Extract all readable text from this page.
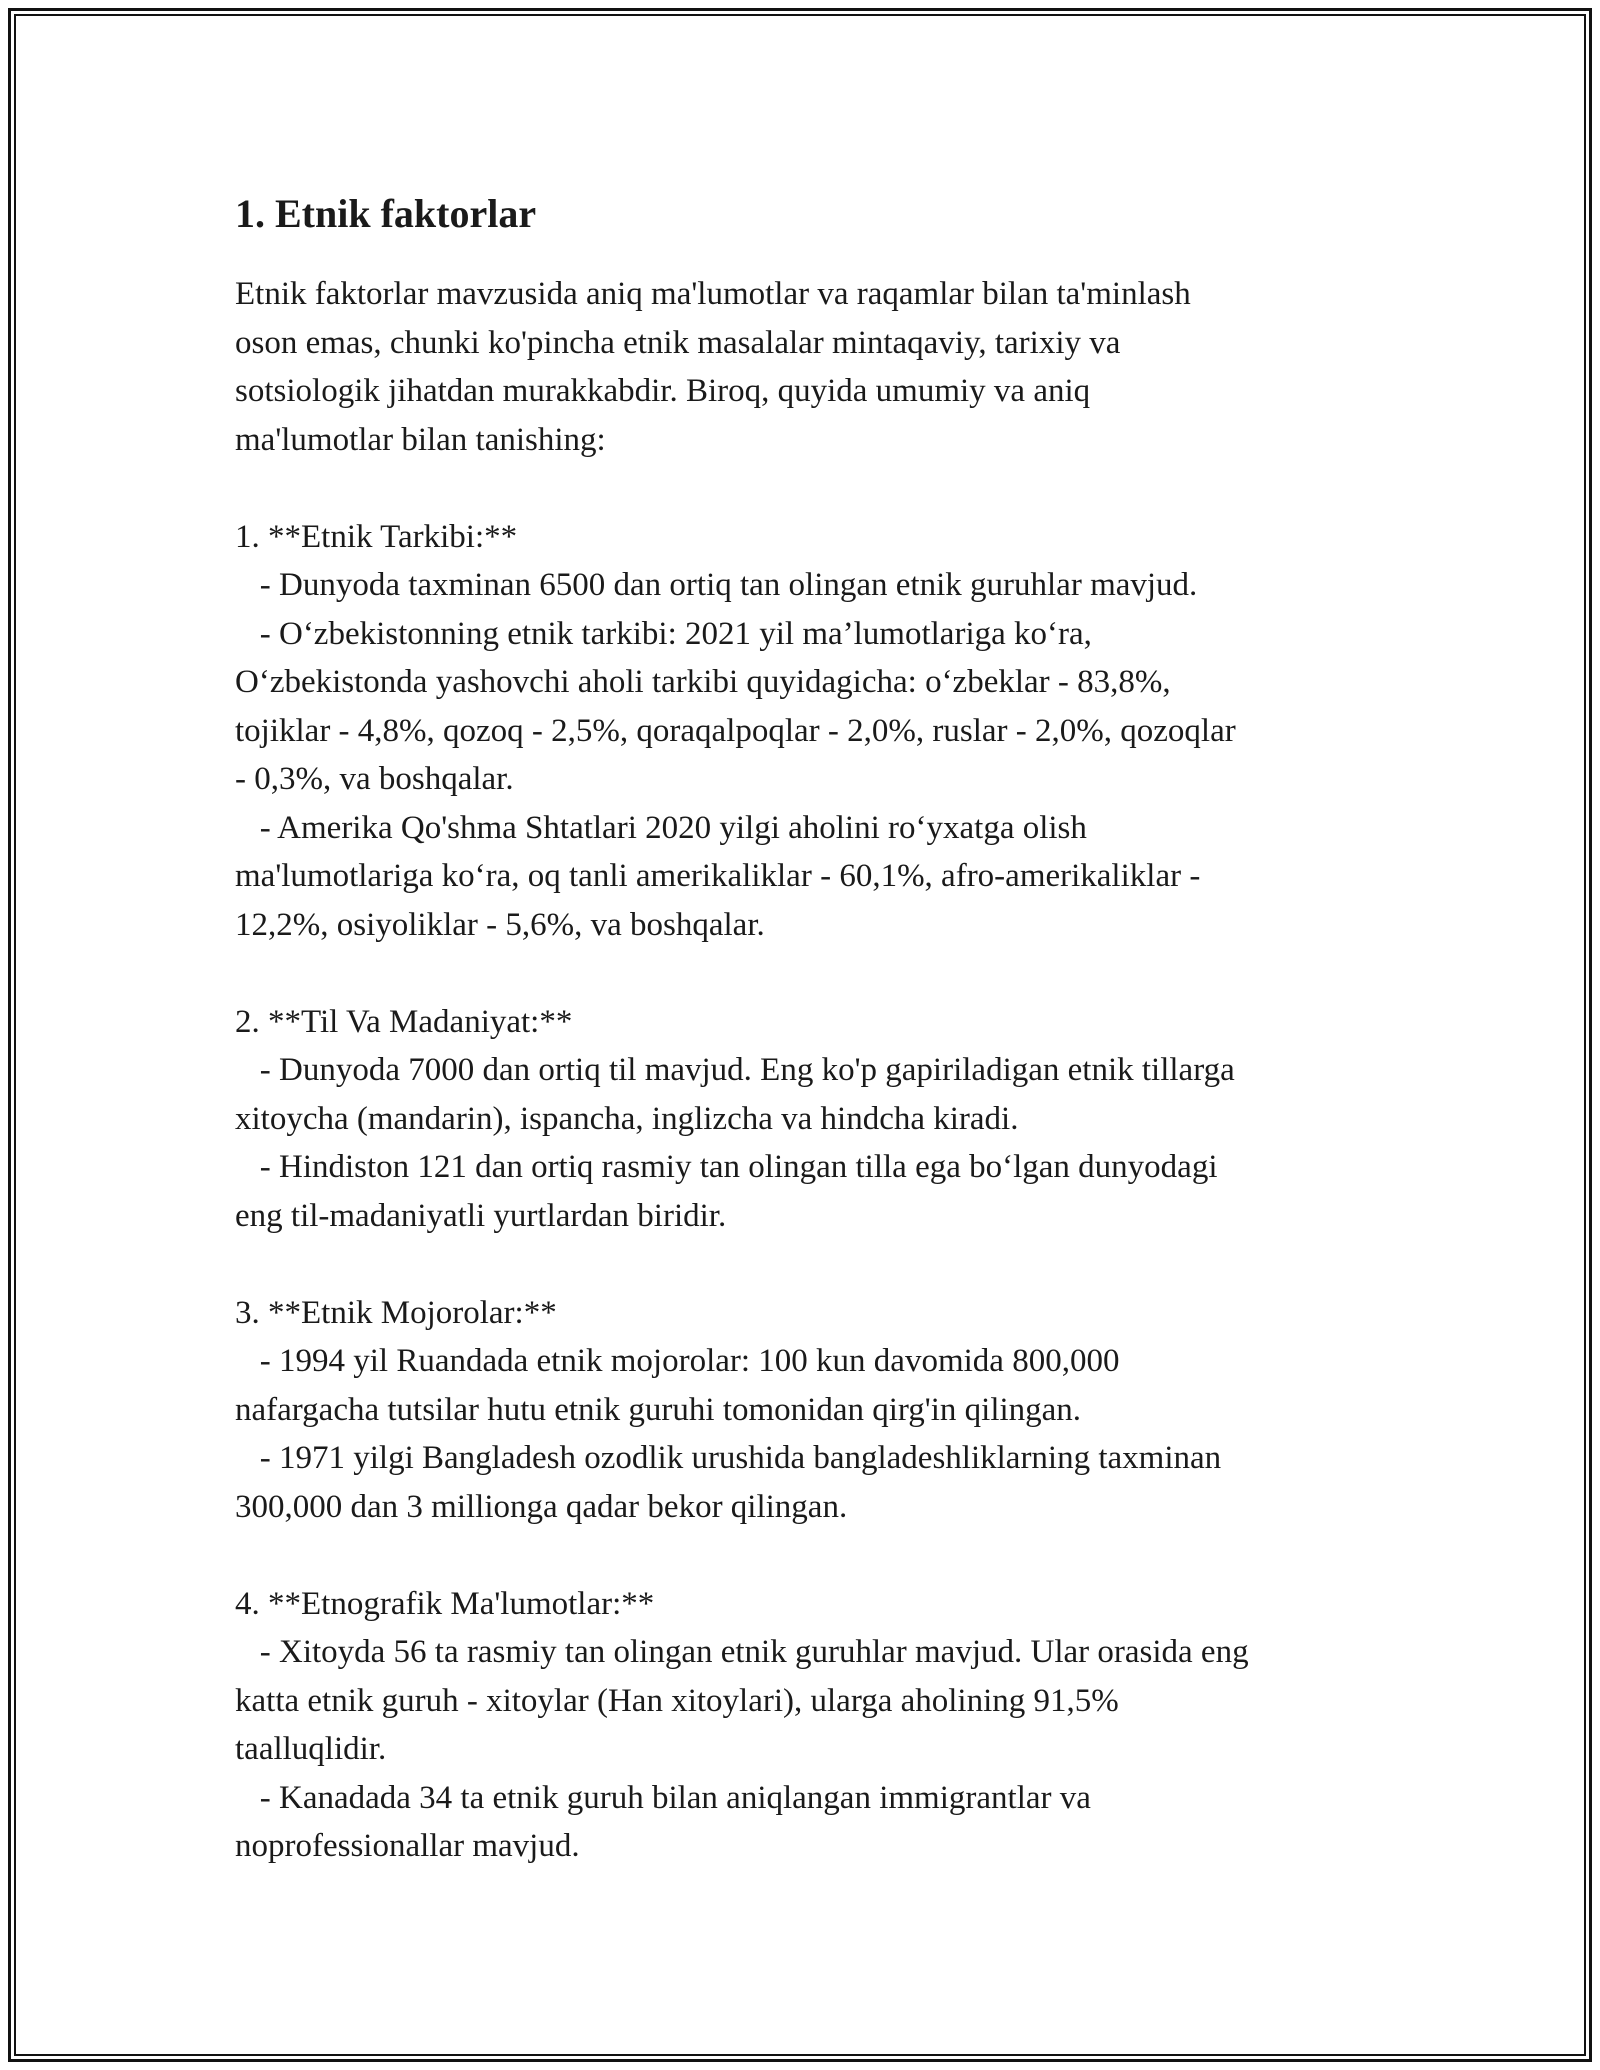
1. Etnik faktorlar

Etnik faktorlar mavzusida aniq ma'lumotlar va raqamlar bilan ta'minlash
oson emas, chunki ko'pincha etnik masalalar mintaqaviy, tarixiy va
sotsiologik jihatdan murakkabdir. Biroq, quyida umumiy va aniq
ma'lumotlar bilan tanishing:

1. **Etnik Tarkibi:**

- Dunyoda taxminan 6500 dan ortiq tan olingan etnik guruhlar mavjud.

- O‘zbekistonning etnik tarkibi: 2021 yil ma’lumotlariga ko‘ra,
O‘zbekistonda yashovchi aholi tarkibi quyidagicha: o‘zbeklar - 83,8%,
tojiklar - 4,8%, qozoq - 2,5%, qoraqalpoqlar - 2,0%, ruslar - 2,0%, qozoqlar
- 0,3%, va boshqalar.

- Amerika Qo'shma Shtatlari 2020 yilgi aholini ro‘yxatga olish
ma'lumotlariga ko‘ra, oq tanli amerikaliklar - 60,1%, afro-amerikaliklar -
12,2%, osiyoliklar - 5,6%, va boshqalar.

2. **Til Va Madaniyat:**

- Dunyoda 7000 dan ortiq til mavjud. Eng ko'p gapiriladigan etnik tillarga
xitoycha (mandarin), ispancha, inglizcha va hindcha kiradi.

- Hindiston 121 dan ortiq rasmiy tan olingan tilla ega bo‘lgan dunyodagi
eng til-madaniyatli yurtlardan biridir.

3. **Etnik Mojorolar:**

- 1994 yil Ruandada etnik mojorolar: 100 kun davomida 800,000
nafargacha tutsilar hutu etnik guruhi tomonidan qirg'in qilingan.

- 1971 yilgi Bangladesh ozodlik urushida bangladeshliklarning taxminan
300,000 dan 3 millionga qadar bekor qilingan.

4. **Etnografik Ma'lumotlar:**

- Xitoyda 56 ta rasmiy tan olingan etnik guruhlar mavjud. Ular orasida eng
katta etnik guruh - xitoylar (Han xitoylari), ularga aholining 91,5%
taalluqlidir.

- Kanadada 34 ta etnik guruh bilan aniqlangan immigrantlar va
noprofessionallar mavjud.
